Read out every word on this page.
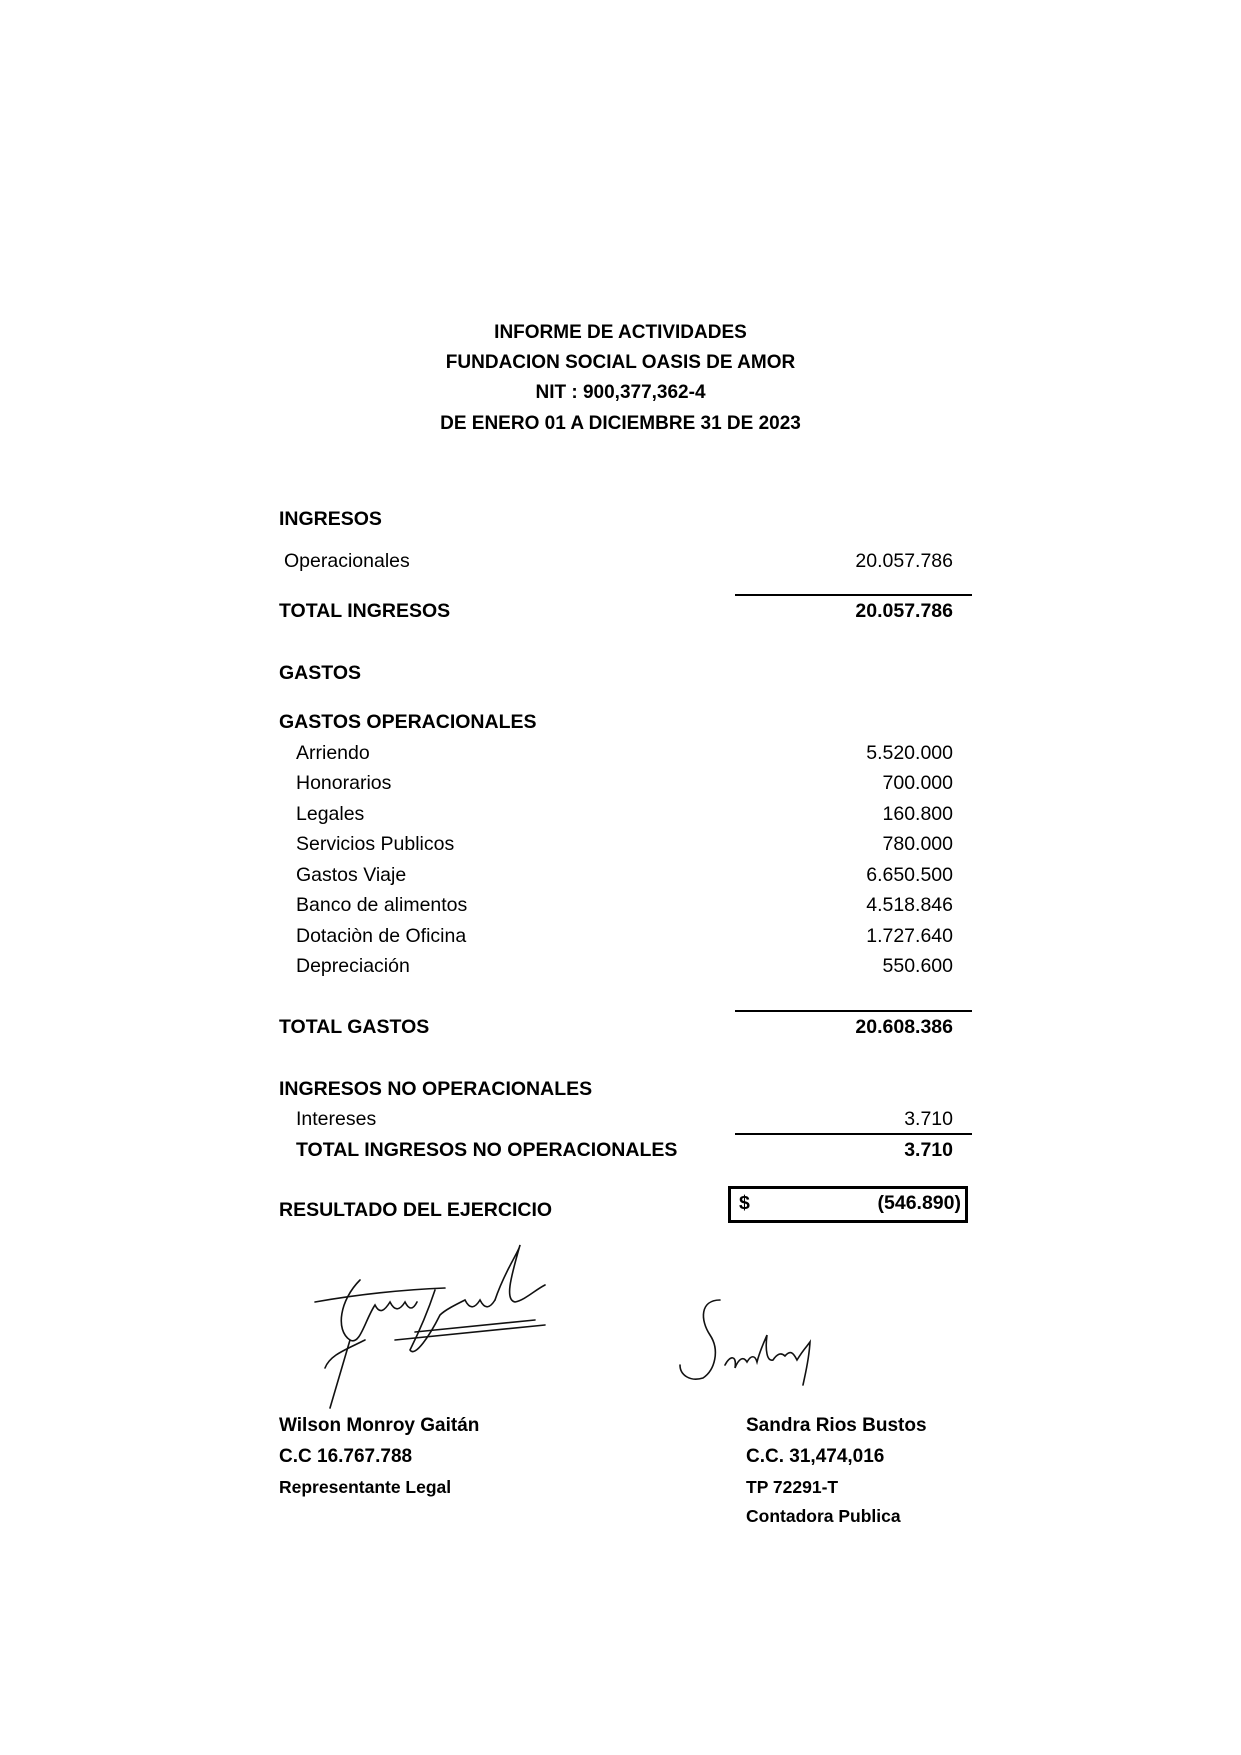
INFORME DE ACTIVIDADES
FUNDACION SOCIAL OASIS DE AMOR
NIT : 900,377,362-4
DE ENERO 01 A DICIEMBRE 31 DE 2023
INGRESOS
Operacionales	20.057.786
TOTAL INGRESOS	20.057.786
GASTOS
GASTOS OPERACIONALES
Arriendo	5.520.000
Honorarios	700.000
Legales	160.800
Servicios Publicos	780.000
Gastos Viaje	6.650.500
Banco de alimentos	4.518.846
Dotaciòn de Oficina	1.727.640
Depreciación	550.600
TOTAL GASTOS	20.608.386
INGRESOS NO OPERACIONALES
Intereses	3.710
TOTAL INGRESOS NO OPERACIONALES	3.710
RESULTADO DEL EJERCICIO	$	(546.890)
Wilson Monroy Gaitán
C.C 16.767.788
Representante Legal
Sandra Rios Bustos
C.C. 31,474,016
TP 72291-T
Contadora Publica
